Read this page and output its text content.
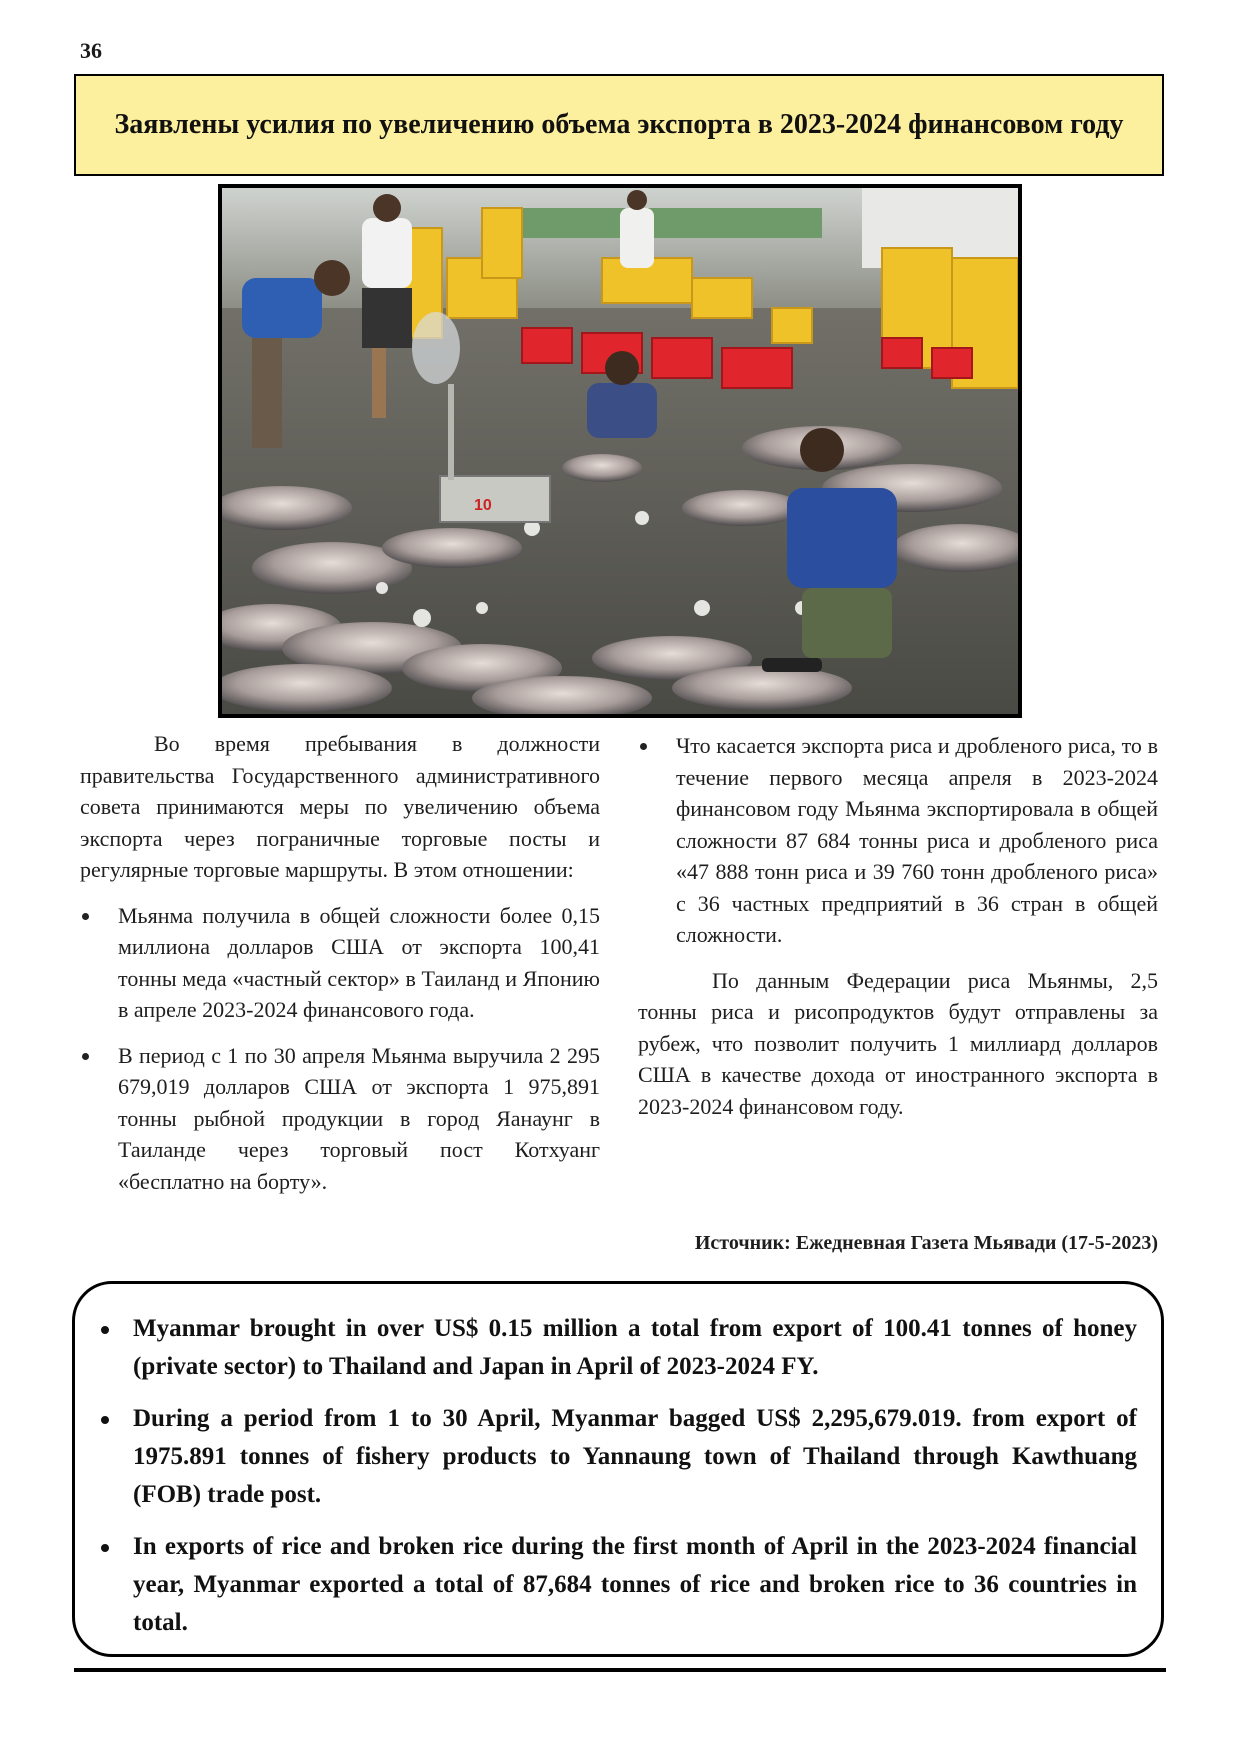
36
Заявлены усилия по увеличению объема экспорта в 2023-2024 финансовом году
10

Во время пребывания в должности правительства Государственного административного совета принимаются меры по увеличению объема экспорта через пограничные торговые посты и регулярные торговые маршруты. В этом отношении:

Мьянма получила в общей сложности более 0,15 миллиона долларов США от экспорта 100,41 тонны меда «частный сектор» в Таиланд и Японию в апреле 2023-2024 финансового года.
В период с 1 по 30 апреля Мьянма выручила 2 295 679,019 долларов США от экспорта 1 975,891 тонны рыбной продукции в город Яанаунг в Таиланде через торговый пост Котхуанг «бесплатно на борту».
Что касается экспорта риса и дробленого риса, то в течение первого месяца апреля в 2023-2024 финансовом году Мьянма экспортировала в общей сложности 87 684 тонны риса и дробленого риса «47 888 тонн риса и 39 760 тонн дробленого риса» с 36 частных предприятий в 36 стран в общей сложности.

По данным Федерации риса Мьянмы, 2,5 тонны риса и рисопродуктов будут отправлены за рубеж, что позволит получить 1 миллиард долларов США в качестве дохода от иностранного экспорта в 2023-2024 финансовом году.

Источник: Ежедневная Газета Мьявади (17-5-2023)
Myanmar brought in over US$ 0.15 million a total from export of 100.41 tonnes of honey (private sector) to Thailand and Japan in April of 2023-2024 FY.
During a period from 1 to 30 April, Myanmar bagged US$ 2,295,679.019. from export of 1975.891 tonnes of fishery products to Yannaung town of Thailand through Kawthuang (FOB) trade post.
In exports of rice and broken rice during the first month of April in the 2023-2024 financial year, Myanmar exported a total of 87,684 tonnes of rice and broken rice to 36 countries in total.
